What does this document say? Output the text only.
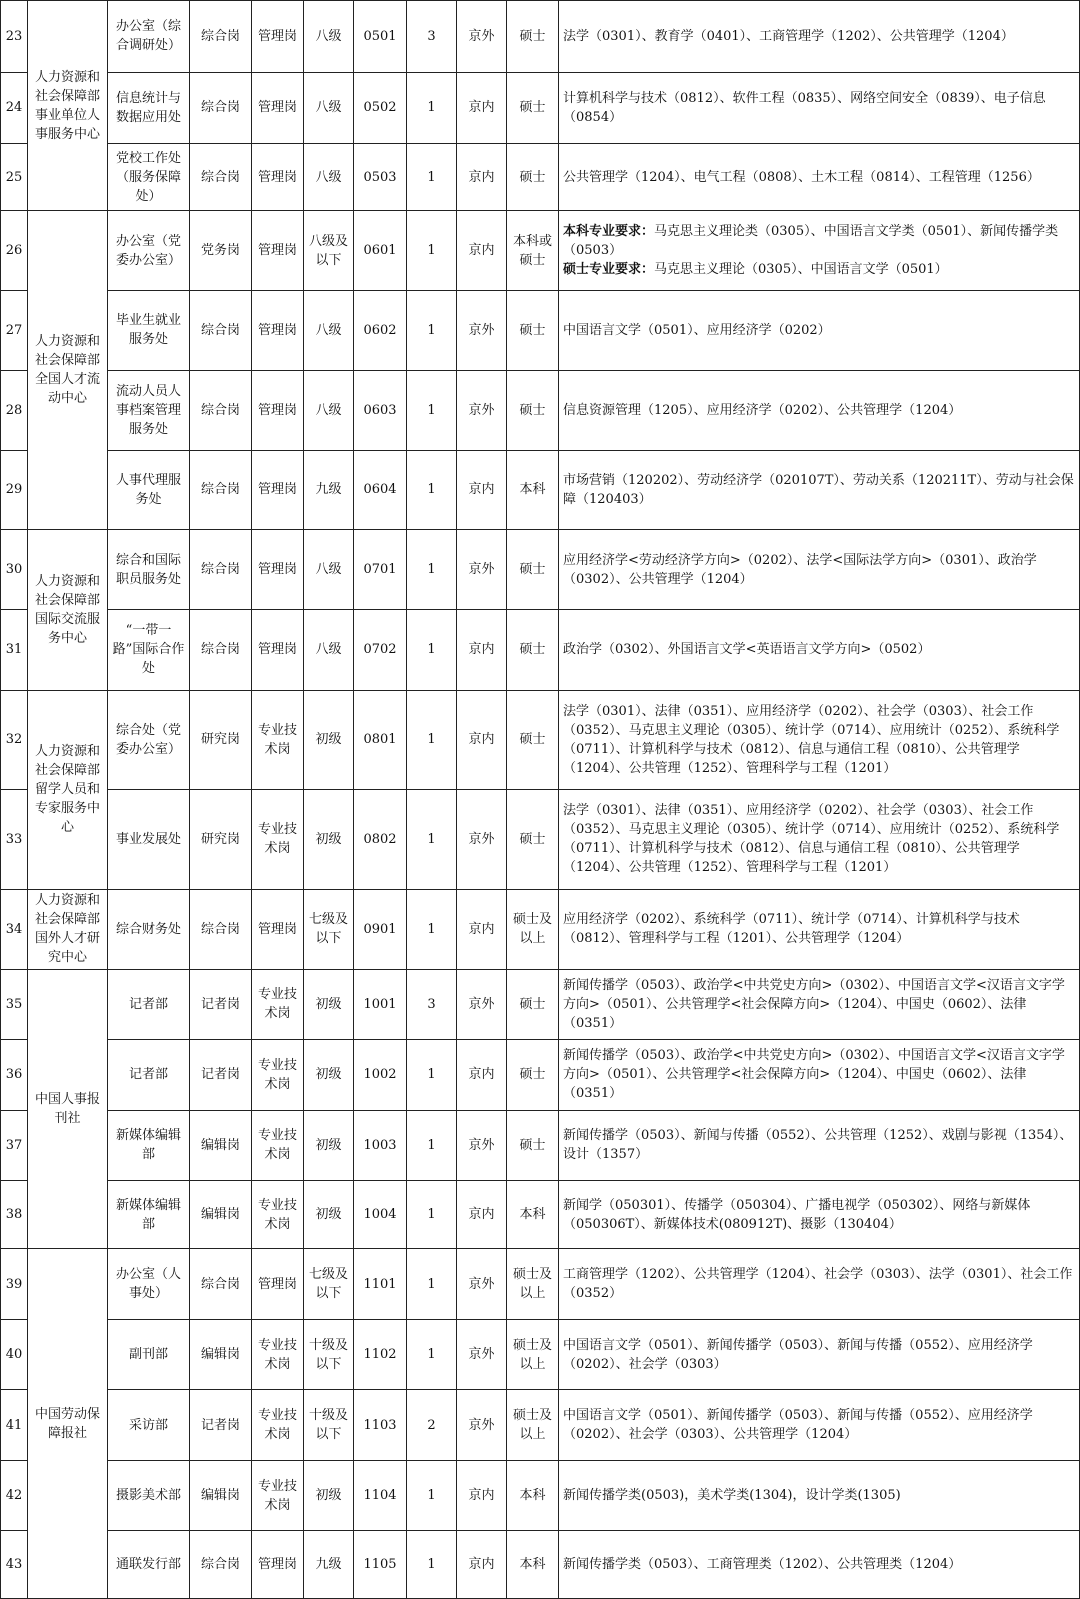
23	人力资源和社会保障部事业单位人事服务中心	办公室（综合调研处）	综合岗	管理岗	八级	0501	3	京外	硕士	法学（0301）、教育学（0401）、工商管理学（1202）、公共管理学（1204）
24		信息统计与数据应用处	综合岗	管理岗	八级	0502	1	京内	硕士	计算机科学与技术（0812）、软件工程（0835）、网络空间安全（0839）、电子信息（0854）
25		党校工作处（服务保障处）	综合岗	管理岗	八级	0503	1	京内	硕士	公共管理学（1204）、电气工程（0808）、土木工程（0814）、工程管理（1256）
26	人力资源和社会保障部全国人才流动中心	办公室（党委办公室）	党务岗	管理岗	八级及以下	0601	1	京内	本科或硕士	本科专业要求：马克思主义理论类（0305）、中国语言文学类（0501）、新闻传播学类（0503）
硕士专业要求：马克思主义理论（0305）、中国语言文学（0501）

27		毕业生就业服务处	综合岗	管理岗	八级	0602	1	京外	硕士	中国语言文学（0501）、应用经济学（0202）
28		流动人员人事档案管理服务处	综合岗	管理岗	八级	0603	1	京外	硕士	信息资源管理（1205）、应用经济学（0202）、公共管理学（1204）
29		人事代理服务处	综合岗	管理岗	九级	0604	1	京内	本科	市场营销（120202）、劳动经济学（020107T）、劳动关系（120211T）、劳动与社会保障（120403）
30	人力资源和社会保障部国际交流服务中心	综合和国际职员服务处	综合岗	管理岗	八级	0701	1	京外	硕士	应用经济学<劳动经济学方向>（0202）、法学<国际法学方向>（0301）、政治学（0302）、公共管理学（1204）
31		“一带一路”国际合作处	综合岗	管理岗	八级	0702	1	京内	硕士	政治学（0302）、外国语言文学<英语语言文学方向>（0502）
32	人力资源和社会保障部留学人员和专家服务中心	综合处（党委办公室）	研究岗	专业技术岗	初级	0801	1	京内	硕士	法学（0301）、法律（0351）、应用经济学（0202）、社会学（0303）、社会工作（0352）、马克思主义理论（0305）、统计学（0714）、应用统计（0252）、系统科学（0711）、计算机科学与技术（0812）、信息与通信工程（0810）、公共管理学（1204）、公共管理（1252）、管理科学与工程（1201）
33		事业发展处	研究岗	专业技术岗	初级	0802	1	京外	硕士	法学（0301）、法律（0351）、应用经济学（0202）、社会学（0303）、社会工作（0352）、马克思主义理论（0305）、统计学（0714）、应用统计（0252）、系统科学（0711）、计算机科学与技术（0812）、信息与通信工程（0810）、公共管理学（1204）、公共管理（1252）、管理科学与工程（1201）
34	人力资源和社会保障部国外人才研究中心	综合财务处	综合岗	管理岗	七级及以下	0901	1	京内	硕士及以上	应用经济学（0202）、系统科学（0711）、统计学（0714）、计算机科学与技术（0812）、管理科学与工程（1201）、公共管理学（1204）
35	中国人事报刊社	记者部	记者岗	专业技术岗	初级	1001	3	京外	硕士	新闻传播学（0503）、政治学<中共党史方向>（0302）、中国语言文学<汉语言文字学方向>（0501）、公共管理学<社会保障方向>（1204）、中国史（0602）、法律（0351）
36		记者部	记者岗	专业技术岗	初级	1002	1	京内	硕士	新闻传播学（0503）、政治学<中共党史方向>（0302）、中国语言文学<汉语言文字学方向>（0501）、公共管理学<社会保障方向>（1204）、中国史（0602）、法律（0351）
37		新媒体编辑部	编辑岗	专业技术岗	初级	1003	1	京外	硕士	新闻传播学（0503）、新闻与传播（0552）、公共管理（1252）、戏剧与影视（1354）、设计（1357）
38		新媒体编辑部	编辑岗	专业技术岗	初级	1004	1	京内	本科	新闻学（050301）、传播学（050304）、广播电视学（050302）、网络与新媒体（050306T）、新媒体技术(080912T)、摄影（130404）
39	中国劳动保障报社	办公室（人事处）	综合岗	管理岗	七级及以下	1101	1	京外	硕士及以上	工商管理学（1202）、公共管理学（1204）、社会学（0303）、法学（0301）、社会工作（0352）
40		副刊部	编辑岗	专业技术岗	十级及以下	1102	1	京外	硕士及以上	中国语言文学（0501）、新闻传播学（0503）、新闻与传播（0552）、应用经济学（0202）、社会学（0303）
41		采访部	记者岗	专业技术岗	十级及以下	1103	2	京外	硕士及以上	中国语言文学（0501）、新闻传播学（0503）、新闻与传播（0552）、应用经济学（0202）、社会学（0303）、公共管理学（1204）
42		摄影美术部	编辑岗	专业技术岗	初级	1104	1	京内	本科	新闻传播学类(0503)，美术学类(1304)，设计学类(1305)
43		通联发行部	综合岗	管理岗	九级	1105	1	京内	本科	新闻传播学类（0503）、工商管理类（1202）、公共管理类（1204）
